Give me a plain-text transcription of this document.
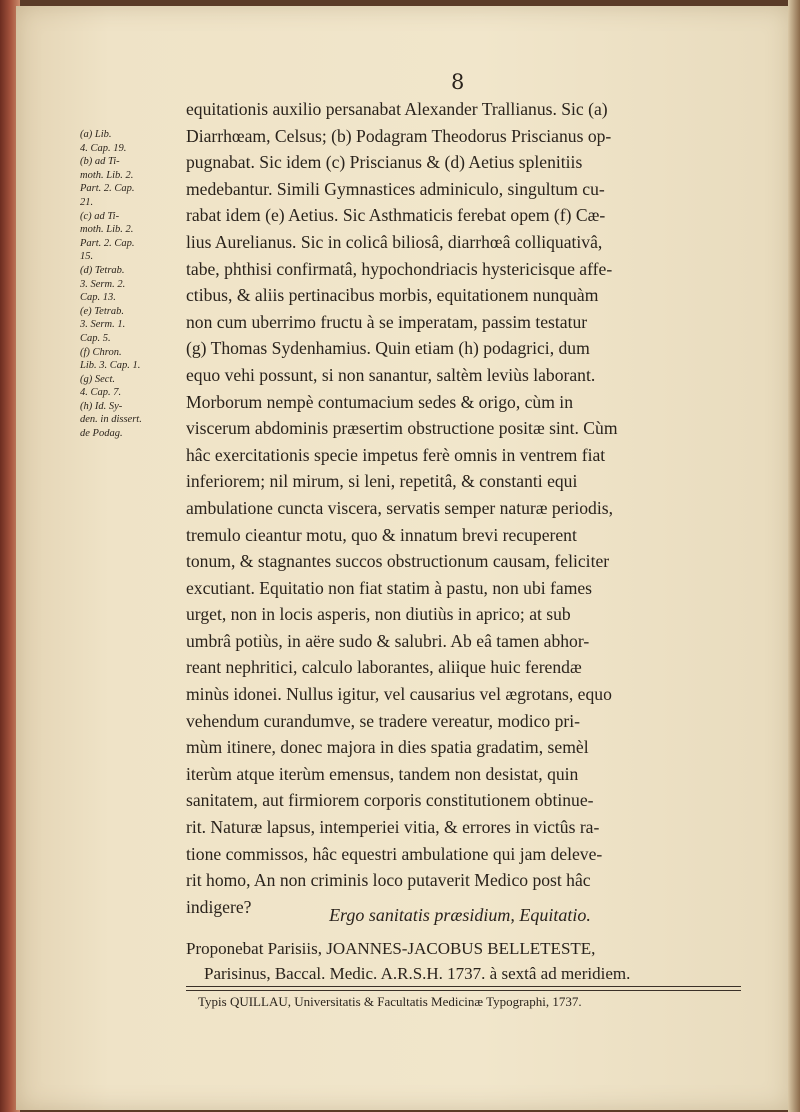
8
(a) Lib.
4. Cap. 19.
(b) ad Ti-
moth. Lib. 2.
Part. 2. Cap.
21.
(c) ad Ti-
moth. Lib. 2.
Part. 2. Cap.
15.
(d) Tetrab.
3. Serm. 2.
Cap. 13.
(e) Tetrab.
3. Serm. 1.
Cap. 5.
(f) Chron.
Lib. 3. Cap. 1.
(g) Sect.
4. Cap. 7.
(h) Id. Sy-
den. in dissert.
de Podag.
equitationis auxilio persanabat Alexander Trallianus. Sic (a)
Diarrhœam, Celsus; (b) Podagram Theodorus Priscianus op-
pugnabat. Sic idem (c) Priscianus & (d) Aetius splenitiis
medebantur. Simili Gymnastices adminiculo, singultum cu-
rabat idem (e) Aetius. Sic Asthmaticis ferebat opem (f) Cæ-
lius Aurelianus. Sic in colicâ biliosâ, diarrhœâ colliquativâ,
tabe, phthisi confirmatâ, hypochondriacis hystericisque affe-
ctibus, & aliis pertinacibus morbis, equitationem nunquàm
non cum uberrimo fructu à se imperatam, passim testatur
(g) Thomas Sydenhamius. Quin etiam (h) podagrici, dum
equo vehi possunt, si non sanantur, saltèm leviùs laborant.
Morborum nempè contumacium sedes & origo, cùm in
viscerum abdominis præsertim obstructione positæ sint. Cùm
hâc exercitationis specie impetus ferè omnis in ventrem fiat
inferiorem; nil mirum, si leni, repetitâ, & constanti equi
ambulatione cuncta viscera, servatis semper naturæ periodis,
tremulo cieantur motu, quo & innatum brevi recuperent
tonum, & stagnantes succos obstructionum causam, feliciter
excutiant. Equitatio non fiat statim à pastu, non ubi fames
urget, non in locis asperis, non diutiùs in aprico; at sub
umbrâ potiùs, in aëre sudo & salubri. Ab eâ tamen abhor-
reant nephritici, calculo laborantes, aliique huic ferendæ
minùs idonei. Nullus igitur, vel causarius vel ægrotans, equo
vehendum curandumve, se tradere vereatur, modico pri-
mùm itinere, donec majora in dies spatia gradatim, semèl
iterùm atque iterùm emensus, tandem non desistat, quin
sanitatem, aut firmiorem corporis constitutionem obtinue-
rit. Naturæ lapsus, intemperiei vitia, & errores in victûs ra-
tione commissos, hâc equestri ambulatione qui jam deleve-
rit homo, An non criminis loco putaverit Medico post hâc
indigere?	Ergo sanitatis præsidium, Equitatio.
Proponebat Parisiis, JOANNES-JACOBUS BELLETESTE,
Parisinus, Baccal. Medic. A.R.S.H. 1737. à sextâ ad meridiem.
Typis QUILLAU, Universitatis & Facultatis Medicinæ Typographi, 1737.
